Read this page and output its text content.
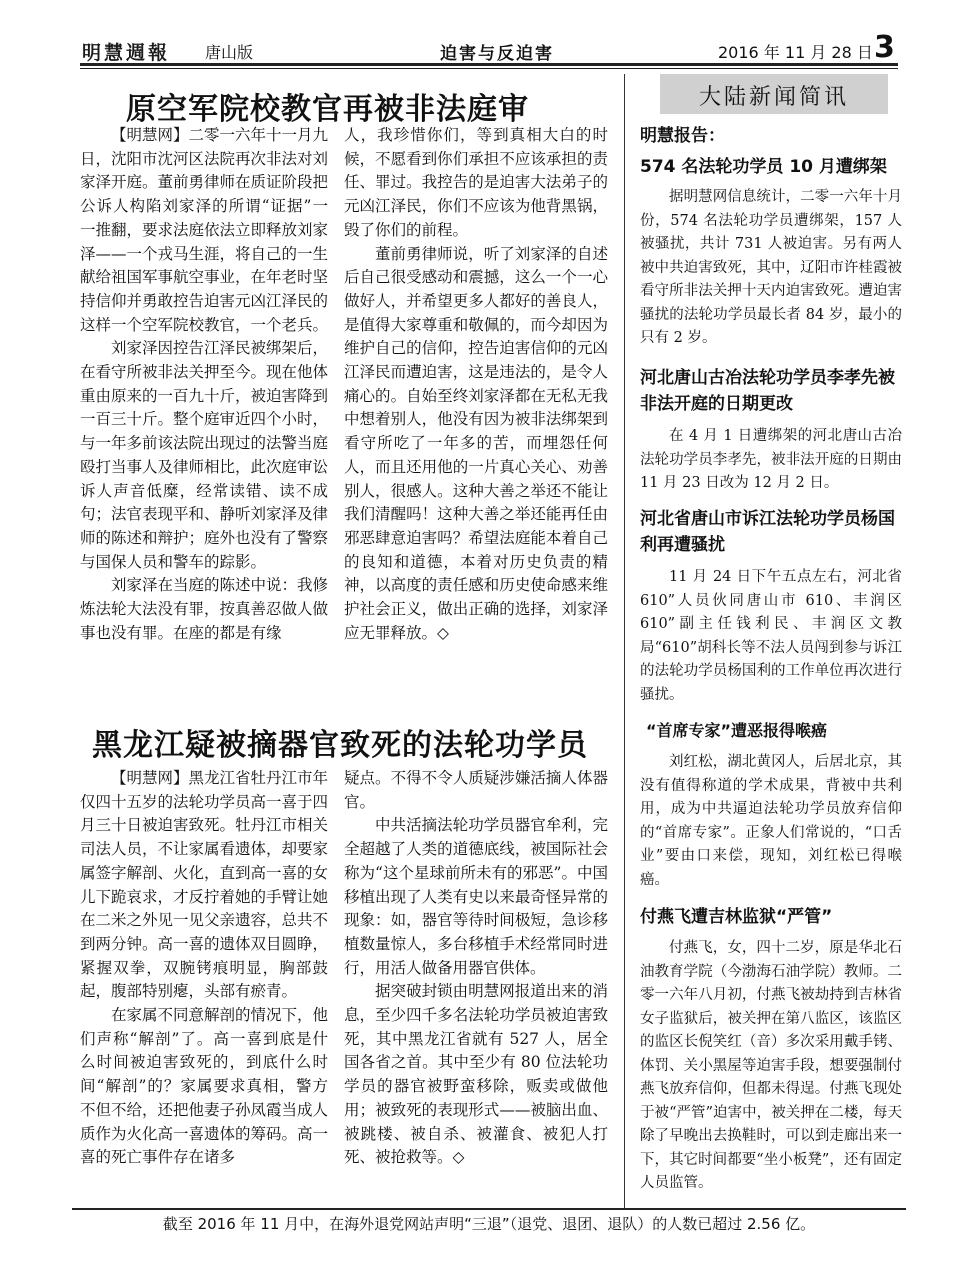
明慧週報 唐山版	迫害与反迫害	2016 年 11 月 28 日 3
原空军院校教官再被非法庭审

【明慧网】二零一六年十一月九日，沈阳市沈河区法院再次非法对刘家泽开庭。董前勇律师在质证阶段把公诉人构陷刘家泽的所谓“证据”一一推翻，要求法庭依法立即释放刘家泽——一个戎马生涯，将自己的一生献给祖国军事航空事业，在年老时坚持信仰并勇敢控告迫害元凶江泽民的这样一个空军院校教官，一个老兵。

刘家泽因控告江泽民被绑架后，在看守所被非法关押至今。现在他体重由原来的一百九十斤，被迫害降到一百三十斤。整个庭审近四个小时，与一年多前该法院出现过的法警当庭殴打当事人及律师相比，此次庭审讼诉人声音低糜，经常读错、读不成句；法官表现平和、静听刘家泽及律师的陈述和辩护；庭外也没有了警察与国保人员和警车的踪影。

刘家泽在当庭的陈述中说：我修炼法轮大法没有罪，按真善忍做人做事也没有罪。在座的都是有缘

人，我珍惜你们，等到真相大白的时候，不愿看到你们承担不应该承担的责任、罪过。我控告的是迫害大法弟子的元凶江泽民，你们不应该为他背黑锅，毁了你们的前程。

董前勇律师说，听了刘家泽的自述后自己很受感动和震撼，这么一个一心做好人，并希望更多人都好的善良人，是值得大家尊重和敬佩的，而今却因为维护自己的信仰，控告迫害信仰的元凶江泽民而遭迫害，这是违法的，是令人痛心的。自始至终刘家泽都在无私无我中想着别人，他没有因为被非法绑架到看守所吃了一年多的苦，而埋怨任何人，而且还用他的一片真心关心、劝善别人，很感人。这种大善之举还不能让我们清醒吗！这种大善之举还能再任由邪恶肆意迫害吗？希望法庭能本着自己的良知和道德，本着对历史负责的精神，以高度的责任感和历史使命感来维护社会正义，做出正确的选择，刘家泽应无罪释放。◇

黑龙江疑被摘器官致死的法轮功学员

【明慧网】黑龙江省牡丹江市年仅四十五岁的法轮功学员高一喜于四月三十日被迫害致死。牡丹江市相关司法人员，不让家属看遗体，却要家属签字解剖、火化，直到高一喜的女儿下跪哀求，才反拧着她的手臂让她在二米之外见一见父亲遗容，总共不到两分钟。高一喜的遗体双目圆睁，紧握双拳，双腕铐痕明显，胸部鼓起，腹部特别瘪，头部有瘀青。

在家属不同意解剖的情况下，他们声称“解剖”了。高一喜到底是什么时间被迫害致死的，到底什么时间“解剖”的？家属要求真相，警方不但不给，还把他妻子孙凤霞当成人质作为火化高一喜遗体的筹码。高一喜的死亡事件存在诸多

疑点。不得不令人质疑涉嫌活摘人体器官。

中共活摘法轮功学员器官牟利，完全超越了人类的道德底线，被国际社会称为“这个星球前所未有的邪恶”。中国移植出现了人类有史以来最奇怪异常的现象：如，器官等待时间极短，急诊移植数量惊人，多台移植手术经常同时进行，用活人做备用器官供体。

据突破封锁由明慧网报道出来的消息，至少四千多名法轮功学员被迫害致死，其中黑龙江省就有 527 人，居全国各省之首。其中至少有 80 位法轮功学员的器官被野蛮移除，贩卖或做他用；被致死的表现形式——被脑出血、被跳楼、被自杀、被灌食、被犯人打死、被抢救等。◇

大陆新闻简讯
明慧报告：
574 名法轮功学员 10 月遭绑架

据明慧网信息统计，二零一六年十月份，574 名法轮功学员遭绑架，157 人被骚扰，共计 731 人被迫害。另有两人被中共迫害致死，其中，辽阳市许桂霞被看守所非法关押十天内迫害致死。遭迫害骚扰的法轮功学员最长者 84 岁，最小的只有 2 岁。

河北唐山古冶法轮功学员李孝先被非法开庭的日期更改

在 4 月 1 日遭绑架的河北唐山古冶法轮功学员李孝先，被非法开庭的日期由 11 月 23 日改为 12 月 2 日。

河北省唐山市诉江法轮功学员杨国利再遭骚扰

11 月 24 日下午五点左右，河北省 610”人员伙同唐山市 610、丰润区 610”副主任钱利民、丰润区文教局“610”胡科长等不法人员闯到参与诉江的法轮功学员杨国利的工作单位再次进行骚扰。

“首席专家”遭恶报得喉癌

刘红松，湖北黄冈人，后居北京，其没有值得称道的学术成果，背被中共利用，成为中共逼迫法轮功学员放弃信仰的“首席专家”。正象人们常说的，“口舌业”要由口来偿，现知，刘红松已得喉癌。

付燕飞遭吉林监狱“严管”

付燕飞，女，四十二岁，原是华北石油教育学院（今渤海石油学院）教师。二零一六年八月初，付燕飞被劫持到吉林省女子监狱后，被关押在第八监区，该监区的监区长倪笑红（音）多次采用戴手铐、体罚、关小黑屋等迫害手段，想要强制付燕飞放弃信仰，但都未得逞。付燕飞现处于被“严管”迫害中，被关押在二楼，每天除了早晚出去换鞋时，可以到走廊出来一下，其它时间都要“坐小板凳”，还有固定人员监管。

截至 2016 年 11 月中，在海外退党网站声明“三退”（退党、退团、退队）的人数已超过 2.56 亿。
